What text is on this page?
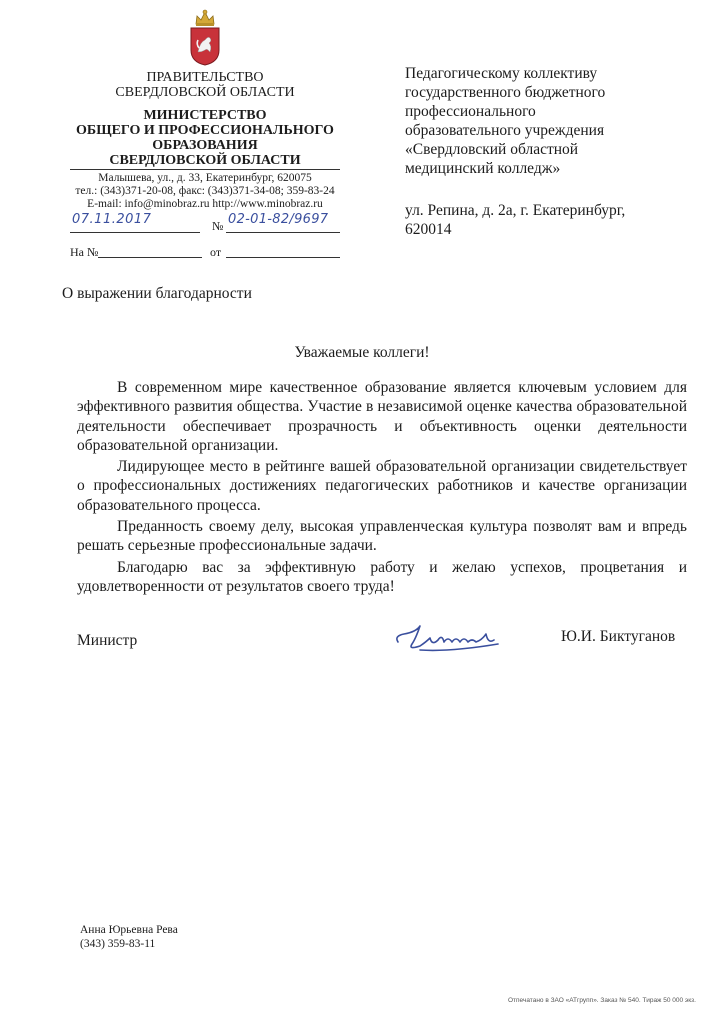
ПРАВИТЕЛЬСТВО
СВЕРДЛОВСКОЙ ОБЛАСТИ
МИНИСТЕРСТВО
ОБЩЕГО И ПРОФЕССИОНАЛЬНОГО
ОБРАЗОВАНИЯ
СВЕРДЛОВСКОЙ ОБЛАСТИ
Малышева, ул., д. 33, Екатеринбург, 620075
тел.: (343)371-20-08, факс: (343)371-34-08; 359-83-24
E-mail: info@minobraz.ru http://www.minobraz.ru
07.11.2017	№ 02-01-82/9697
На №	от
Педагогическому коллективу
государственного бюджетного
профессионального
образовательного учреждения
«Свердловский областной
медицинский колледж»
ул. Репина, д. 2а, г. Екатеринбург,
620014
О выражении благодарности
Уважаемые коллеги!

В современном мире качественное образование является ключевым условием для эффективного развития общества. Участие в независимой оценке качества образовательной деятельности обеспечивает прозрачность и объективность оценки деятельности образовательной организации.

Лидирующее место в рейтинге вашей образовательной организации свидетельствует о профессиональных достижениях педагогических работников и качестве организации образовательного процесса.

Преданность своему делу, высокая управленческая культура позволят вам и впредь решать серьезные профессиональные задачи.

Благодарю вас за эффективную работу и желаю успехов, процветания и удовлетворенности от результатов своего труда!

Министр	Ю.И. Биктуганов
Анна Юрьевна Рева
(343) 359-83-11
Отпечатано в ЗАО «АТгрупп». Заказ № 540. Тираж 50 000 экз.
